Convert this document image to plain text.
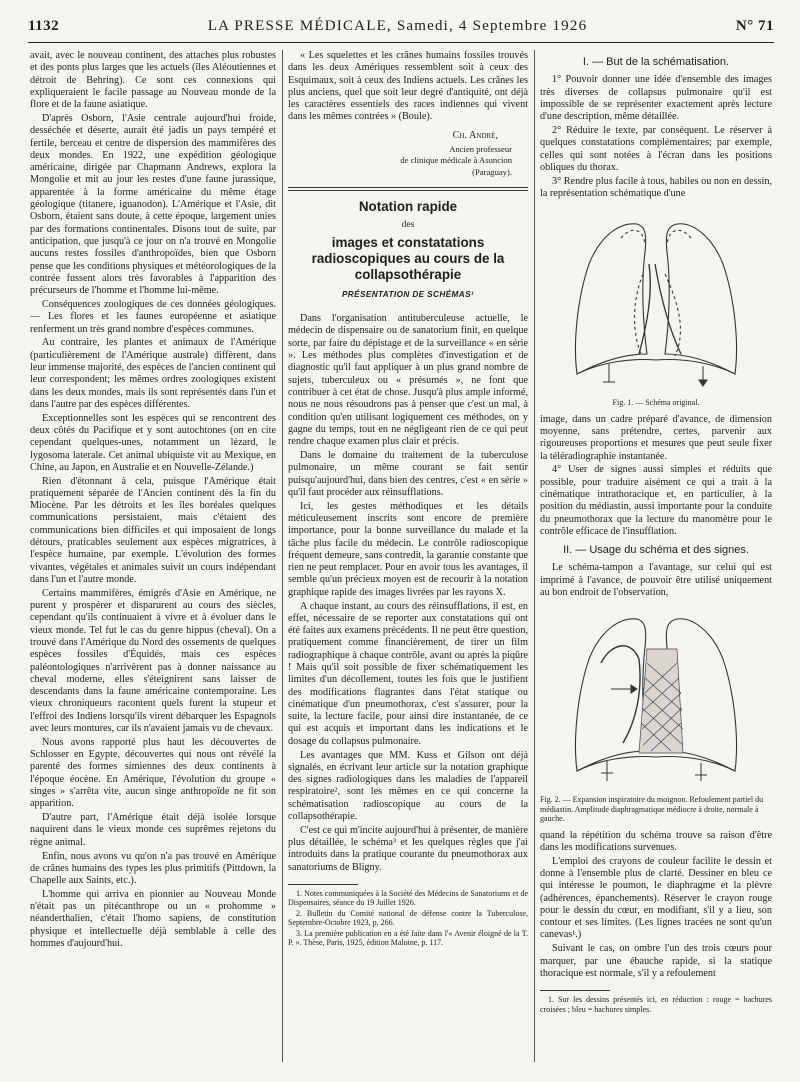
1132	LA PRESSE MÉDICALE, Samedi, 4 Septembre 1926	N° 71

avait, avec le nouveau continent, des attaches plus robustes et des ponts plus larges que les actuels (îles Aléoutiennes et détroit de Behring). Ce sont ces connexions qui expliqueraient le facile passage au Nouveau monde de la flore et de la faune asiatique.

D'après Osborn, l'Asie centrale aujourd'hui froide, desséchée et déserte, aurait été jadis un pays tempéré et fertile, berceau et centre de dispersion des mammifères des deux mondes. En 1922, une expédition géologique américaine, dirigée par Chapmann Andrews, explora la Mongolie et mit au jour les restes d'une faune jurassique, apparentée à la forme américaine du même étage géologique (titanere, iguanodon). L'Amérique et l'Asie, dit Osborn, étaient sans doute, à cette époque, largement unies par des formations continentales. Disons tout de suite, par anticipation, que jusqu'à ce jour on n'a trouvé en Mongolie aucuns restes fossiles d'anthropoïdes, bien que Osborn pense que les conditions physiques et météorologiques de la contrée fussent alors très favorables à l'apparition des précurseurs de l'homme et l'homme lui-même.

Conséquences zoologiques de ces données géologiques. — Les flores et les faunes européenne et asiatique renferment un très grand nombre d'espèces communes.

Au contraire, les plantes et animaux de l'Amérique (particulièrement de l'Amérique australe) diffèrent, dans leur immense majorité, des espèces de l'ancien continent qui leur correspondent; les mêmes ordres zoologiques existent dans les deux mondes, mais ils sont représentés dans l'un et dans l'autre par des espèces différentes.

Exceptionnelles sont les espèces qui se rencontrent des deux côtés du Pacifique et y sont autochtones (on en cite cependant quelques-unes, notamment un lézard, le lygosoma laterale. Cet animal ubiquiste vit au Mexique, en Chine, au Japon, en Australie et en Nouvelle-Zélande.)

Rien d'étonnant à cela, puisque l'Amérique était pratiquement séparée de l'Ancien continent dès la fin du Miocène. Par les détroits et les îles boréales quelques communications persistaient, mais c'étaient des communications bien difficiles et qui imposaient de longs détours, praticables seulement aux espèces migratrices, à l'espèce humaine, par exemple. L'évolution des formes vivantes, végétales et animales suivit un cours indépendant dans l'un et l'autre monde.

Certains mammifères, émigrés d'Asie en Amérique, ne purent y prospérer et disparurent au cours des siècles, cependant qu'ils continuaient à vivre et à évoluer dans le vieux monde. Tel fut le cas du genre hippus (cheval). On a trouvé dans l'Amérique du Nord des ossements de quelques espèces fossiles d'Équidés, mais ces espèces paléontologiques n'arrivèrent pas à donner naissance au cheval moderne, elles s'éteignirent sans laisser de descendants dans la faune américaine contemporaine. Les vieux chroniqueurs racontent quels furent la stupeur et l'effroi des Indiens lorsqu'ils virent débarquer les Espagnols avec leurs montures, car ils n'avaient jamais vu de chevaux.

Nous avons rapporté plus haut les découvertes de Schlosser en Egypte, découvertes qui nous ont révélé la parenté des formes simiennes des deux continents à l'époque éocène. En Amérique, l'évolution du groupe « singes » s'arrêta vite, aucun singe anthropoïde ne fit son apparition.

D'autre part, l'Amérique était déjà isolée lorsque naquirent dans le vieux monde ces suprêmes rejetons du règne animal.

Enfin, nous avons vu qu'on n'a pas trouvé en Amérique de crânes humains des types les plus primitifs (Pittdown, la Chapelle aux Saints, etc.).

L'homme qui arriva en pionnier au Nouveau Monde n'était pas un pitécanthrope ou un « prohomme » néanderthalien, c'était l'homo sapiens, de constitution physique et intellectuelle déjà semblable à celle des hommes d'aujourd'hui.

« Les squelettes et les crânes humains fossiles trouvés dans les deux Amériques ressemblent soit à ceux des Esquimaux, soit à ceux des Indiens actuels. Les crânes les plus anciens, quel que soit leur degré d'antiquité, ont déjà les caractères essentiels des races indiennes qui vivent dans les mêmes contrées » (Boule).

Ch. André,

Ancien professeur

de clinique médicale à Asuncion

(Paraguay).

Notation rapide
des
images et constatations radioscopiques au cours de la collapsothérapie
PRÉSENTATION DE SCHÉMAS¹

Dans l'organisation antituberculeuse actuelle, le médecin de dispensaire ou de sanatorium finit, en quelque sorte, par faire du dépistage et de la surveillance « en série ». Les méthodes plus complètes d'investigation et de diagnostic qu'il faut appliquer à un plus grand nombre de sujets, tuberculeux ou « présumés », ne font que contribuer à cet état de chose. Jusqu'à plus ample informé, nous ne nous résoudrons pas à penser que c'est un mal, à condition qu'en utilisant logiquement ces méthodes, on y gagne du temps, tout en ne négligeant rien de ce qui peut rendre chaque examen plus clair et précis.

Dans le domaine du traitement de la tuberculose pulmonaire, un même courant se fait sentir puisqu'aujourd'hui, dans bien des centres, c'est « en série » qu'il faut procéder aux réinsufflations.

Ici, les gestes méthodiques et les détails méticuleusement inscrits sont encore de première importance, pour la bonne surveillance du malade et la tâche plus facile du médecin. Le contrôle radioscopique fréquent demeure, sans contredit, la garantie constante que rien ne peut remplacer. Pour en avoir tous les avantages, il semble qu'un précieux moyen est de recourir à la notation graphique rapide des images livrées par les rayons X.

A chaque instant, au cours des réinsufflations, il est, en effet, nécessaire de se reporter aux constatations qui ont été faites aux examens précédents. Il ne peut être question, pratiquement comme financièrement, de tirer un film radiographique à chaque contrôle, avant ou après la piqûre ! Mais qu'il soit possible de fixer schématiquement les limites d'un décollement, toutes les fois que le justifient des modifications flagrantes dans l'état statique ou cinématique d'un pneumothorax, c'est s'assurer, pour la suite, la lecture facile, pour ainsi dire instantanée, de ce qui est acquis et important dans les indications et le dosage du collapsus pulmonaire.

Les avantages que MM. Kuss et Gilson ont déjà signalés, en écrivant leur article sur la notation graphique des signes radiologiques dans les maladies de l'appareil respiratoire², sont les mêmes en ce qui concerne la schématisation radioscopique au cours de la collapsothérapie.

C'est ce qui m'incite aujourd'hui à présenter, de manière plus détaillée, le schéma³ et les quelques règles que j'ai introduits dans la pratique courante du pneumothorax aux sanatoriums de Bligny.

1. Notes communiquées à la Société des Médecins de Sanatoriums et de Dispensaires, séance du 19 Juillet 1926.

2. Bulletin du Comité national de défense contre la Tuberculose, Septembre-Octobre 1923, p. 266.

3. La première publication en a été faite dans l'« Avenir éloigné de la T. P. ». Thèse, Paris, 1925, édition Maloine, p. 117.

I. — But de la schématisation.

1° Pouvoir donner une idée d'ensemble des images très diverses de collapsus pulmonaire qu'il est impossible de se représenter exactement après lecture d'une description, même détaillée.

2° Réduire le texte, par conséquent. Le réserver à quelques constatations complémentaires; par exemple, celles qui sont notées à l'écran dans les positions obliques du thorax.

3° Rendre plus facile à tous, habiles ou non en dessin, la représentation schématique d'une

Fig. 1. — Schéma original.

image, dans un cadre préparé d'avance, de dimension moyenne, sans prétendre, certes, parvenir aux rigoureuses proportions et mesures que peut seule fixer la téléradiographie instantanée.

4° User de signes aussi simples et réduits que possible, pour traduire aisément ce qui a trait à la cinématique intrathoracique et, en particulier, à la position du médiastin, aussi importante pour la conduite du pneumothorax que la lecture du manomètre pour le contrôle efficace de l'insufflation.

II. — Usage du schéma et des signes.

Le schéma-tampon a l'avantage, sur celui qui est imprimé à l'avance, de pouvoir être utilisé uniquement au bon endroit de l'observation,

Fig. 2. — Expansion inspiratoire du moignon. Refoulement partiel du médiastin. Amplitude diaphragmatique médiocre à droite, normale à gauche.

quand la répétition du schéma trouve sa raison d'être dans les modifications survenues.

L'emploi des crayons de couleur facilite le dessin et donne à l'ensemble plus de clarté. Dessiner en bleu ce qui intéresse le poumon, le diaphragme et la plèvre (adhérences, épanchements). Réserver le crayon rouge pour le dessin du cœur, en modifiant, s'il y a lieu, son contour et ses limites. (Les lignes tracées ne sont qu'un canevas¹.)

Suivant le cas, on ombre l'un des trois cœurs pour marquer, par une ébauche rapide, si la statique thoracique est normale, s'il y a refoulement

1. Sur les dessins présentés ici, en réduction : rouge = hachures croisées ; bleu = hachures simples.
